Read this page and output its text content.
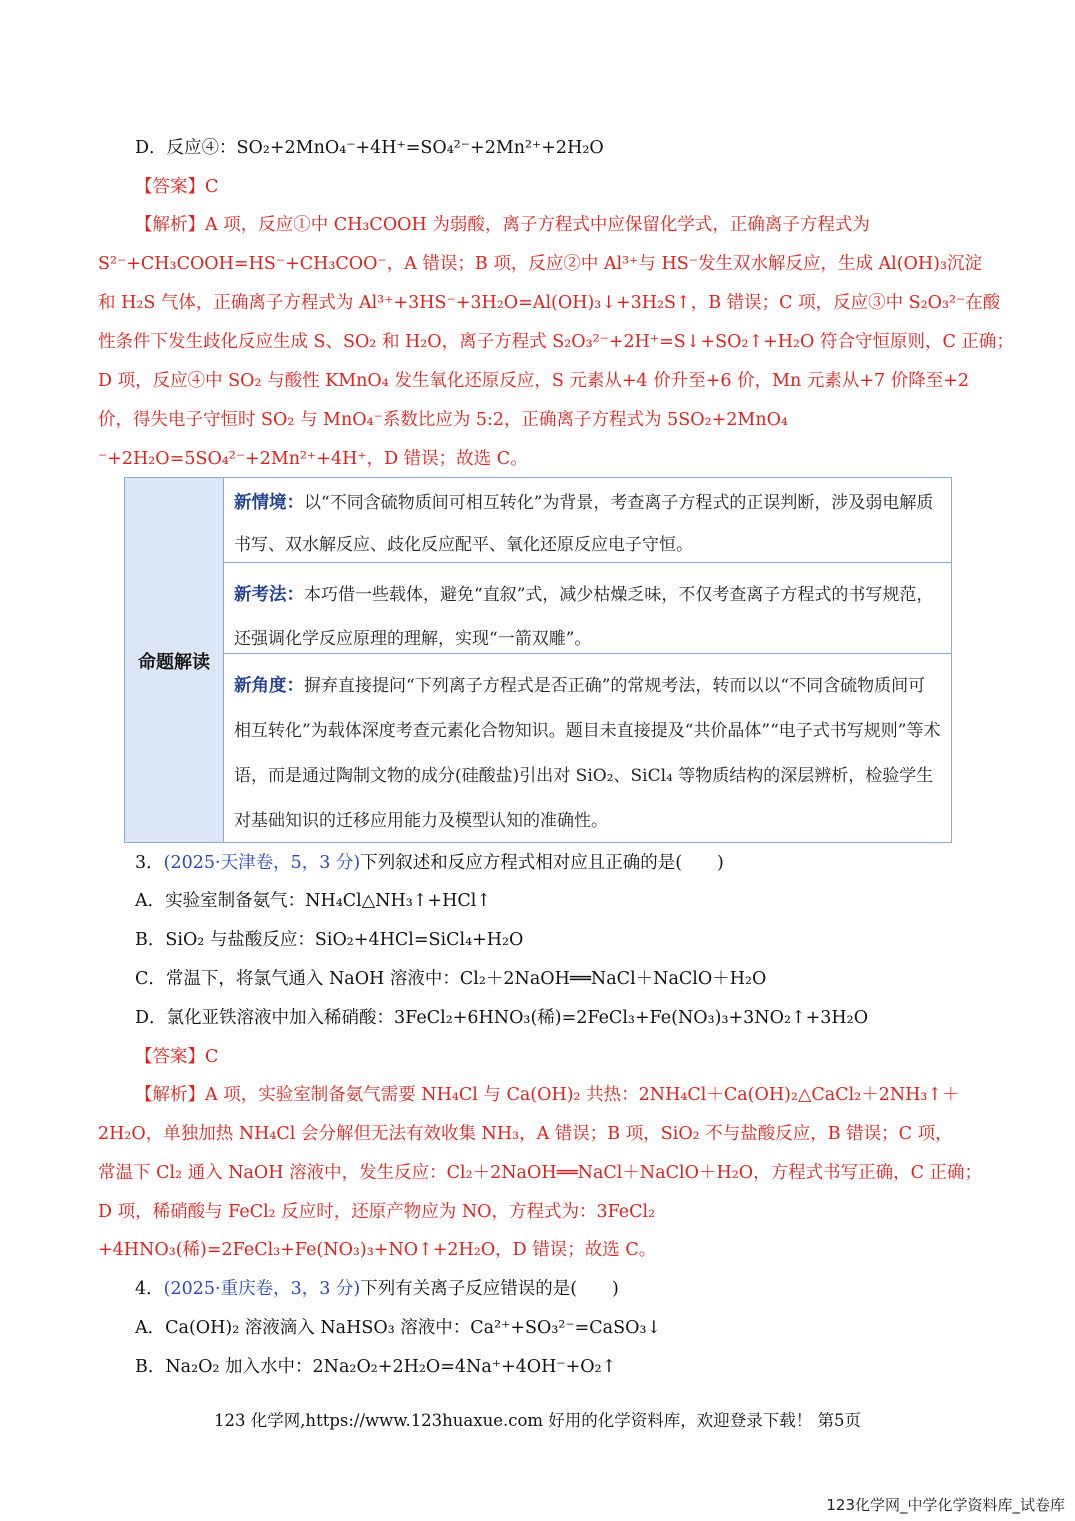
D．反应④：SO₂+2MnO₄⁻+4H⁺=SO₄²⁻+2Mn²⁺+2H₂O
【答案】C
【解析】A 项，反应①中 CH₃COOH 为弱酸，离子方程式中应保留化学式，正确离子方程式为
S²⁻+CH₃COOH=HS⁻+CH₃COO⁻，A 错误；B 项，反应②中 Al³⁺与 HS⁻发生双水解反应，生成 Al(OH)₃沉淀
和 H₂S 气体，正确离子方程式为 Al³⁺+3HS⁻+3H₂O=Al(OH)₃↓+3H₂S↑，B 错误；C 项，反应③中 S₂O₃²⁻在酸
性条件下发生歧化反应生成 S、SO₂ 和 H₂O，离子方程式 S₂O₃²⁻+2H⁺=S↓+SO₂↑+H₂O 符合守恒原则，C 正确；
D 项，反应④中 SO₂ 与酸性 KMnO₄ 发生氧化还原反应，S 元素从+4 价升至+6 价，Mn 元素从+7 价降至+2
价，得失电子守恒时 SO₂ 与 MnO₄⁻系数比应为 5:2，正确离子方程式为 5SO₂+2MnO₄
⁻+2H₂O=5SO₄²⁻+2Mn²⁺+4H⁺，D 错误；故选 C。
命题解读
新情境：以“不同含硫物质间可相互转化”为背景，考查离子方程式的正误判断，涉及弱电解质书写、双水解反应、歧化反应配平、氧化还原反应电子守恒。
新考法：本巧借一些载体，避免“直叙”式，减少枯燥乏味，不仅考查离子方程式的书写规范，还强调化学反应原理的理解，实现“一箭双雕”。
新角度：摒弃直接提问“下列离子方程式是否正确”的常规考法，转而以以“不同含硫物质间可相互转化”为载体深度考查元素化合物知识。题目未直接提及“共价晶体”“电子式书写规则”等术语，而是通过陶制文物的成分(硅酸盐)引出对 SiO₂、SiCl₄ 等物质结构的深层辨析，检验学生对基础知识的迁移应用能力及模型认知的准确性。
3．(2025·天津卷，5，3 分)下列叙述和反应方程式相对应且正确的是(　　)
A．实验室制备氨气：NH₄Cl△NH₃↑+HCl↑
B．SiO₂ 与盐酸反应：SiO₂+4HCl=SiCl₄+H₂O
C．常温下，将氯气通入 NaOH 溶液中：Cl₂＋2NaOH══NaCl＋NaClO＋H₂O
D．氯化亚铁溶液中加入稀硝酸：3FeCl₂+6HNO₃(稀)=2FeCl₃+Fe(NO₃)₃+3NO₂↑+3H₂O
【答案】C
【解析】A 项，实验室制备氨气需要 NH₄Cl 与 Ca(OH)₂ 共热：2NH₄Cl＋Ca(OH)₂△CaCl₂＋2NH₃↑＋
2H₂O，单独加热 NH₄Cl 会分解但无法有效收集 NH₃，A 错误；B 项，SiO₂ 不与盐酸反应，B 错误；C 项，
常温下 Cl₂ 通入 NaOH 溶液中，发生反应：Cl₂＋2NaOH══NaCl＋NaClO＋H₂O，方程式书写正确，C 正确；
D 项，稀硝酸与 FeCl₂ 反应时，还原产物应为 NO，方程式为：3FeCl₂
+4HNO₃(稀)=2FeCl₃+Fe(NO₃)₃+NO↑+2H₂O，D 错误；故选 C。
4．(2025·重庆卷，3，3 分)下列有关离子反应错误的是(　　)
A．Ca(OH)₂ 溶液滴入 NaHSO₃ 溶液中：Ca²⁺+SO₃²⁻=CaSO₃↓
B．Na₂O₂ 加入水中：2Na₂O₂+2H₂O=4Na⁺+4OH⁻+O₂↑
123 化学网,https://www.123huaxue.com 好用的化学资料库，欢迎登录下载！ 第5页
123化学网_中学化学资料库_试卷库
